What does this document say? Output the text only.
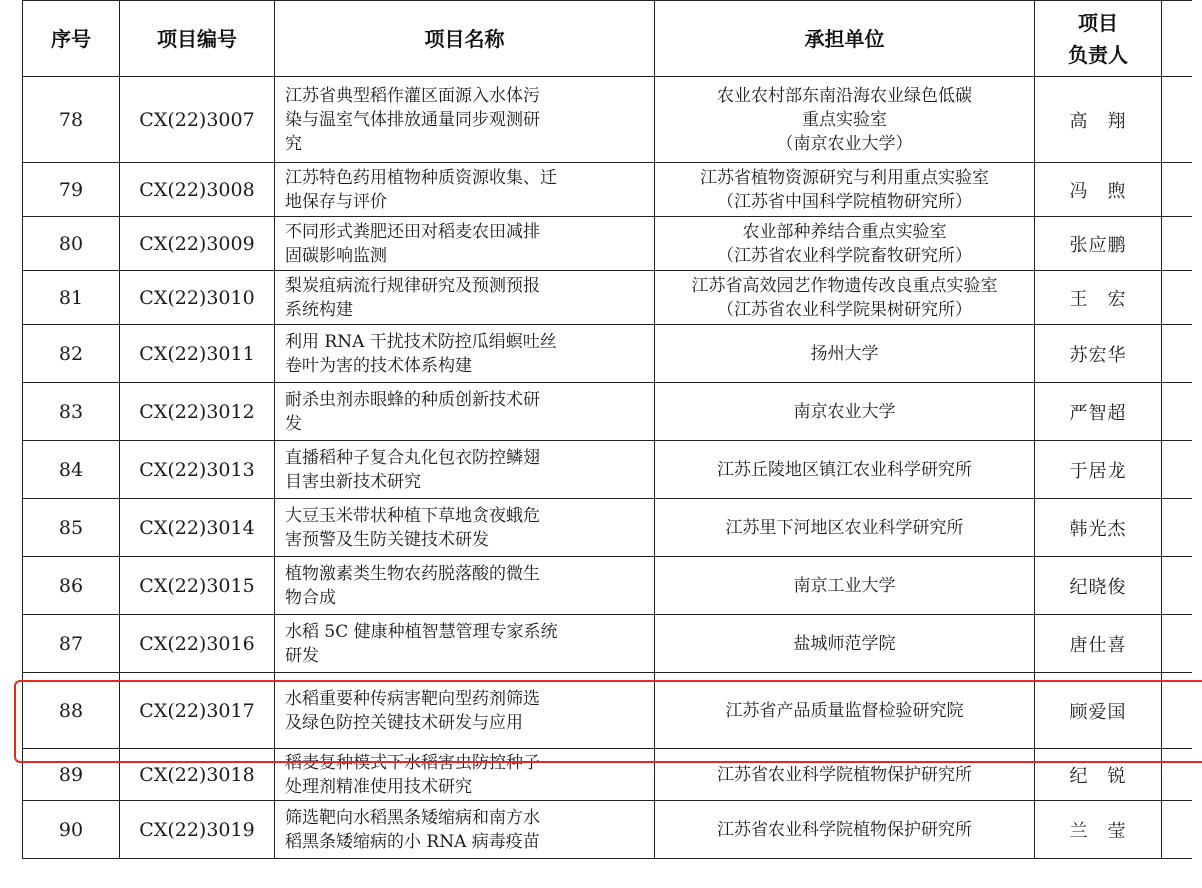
序号	项目编号	项目名称	承担单位	项目
负责人	

78	CX(22)3007	江苏省典型稻作灌区面源入水体污
染与温室气体排放通量同步观测研
究	农业农村部东南沿海农业绿色低碳
重点实验室
（南京农业大学）	高　翔	
79	CX(22)3008	江苏特色药用植物种质资源收集、迁
地保存与评价	江苏省植物资源研究与利用重点实验室
（江苏省中国科学院植物研究所）	冯　煦	
80	CX(22)3009	不同形式粪肥还田对稻麦农田减排
固碳影响监测	农业部种养结合重点实验室
（江苏省农业科学院畜牧研究所）	张应鹏	
81	CX(22)3010	梨炭疽病流行规律研究及预测预报
系统构建	江苏省高效园艺作物遗传改良重点实验室
（江苏省农业科学院果树研究所）	王　宏	
82	CX(22)3011	利用 RNA 干扰技术防控瓜绢螟吐丝
卷叶为害的技术体系构建	扬州大学	苏宏华	
83	CX(22)3012	耐杀虫剂赤眼蜂的种质创新技术研
发	南京农业大学	严智超	
84	CX(22)3013	直播稻种子复合丸化包衣防控鳞翅
目害虫新技术研究	江苏丘陵地区镇江农业科学研究所	于居龙	
85	CX(22)3014	大豆玉米带状种植下草地贪夜蛾危
害预警及生防关键技术研发	江苏里下河地区农业科学研究所	韩光杰	
86	CX(22)3015	植物激素类生物农药脱落酸的微生
物合成	南京工业大学	纪晓俊	
87	CX(22)3016	水稻 5C 健康种植智慧管理专家系统
研发	盐城师范学院	唐仕喜	
88	CX(22)3017	水稻重要种传病害靶向型药剂筛选
及绿色防控关键技术研发与应用	江苏省产品质量监督检验研究院	顾爱国	
89	CX(22)3018	稻麦复种模式下水稻害虫防控种子
处理剂精准使用技术研究	江苏省农业科学院植物保护研究所	纪　锐	
90	CX(22)3019	筛选靶向水稻黑条矮缩病和南方水
稻黑条矮缩病的小 RNA 病毒疫苗	江苏省农业科学院植物保护研究所	兰　莹	
